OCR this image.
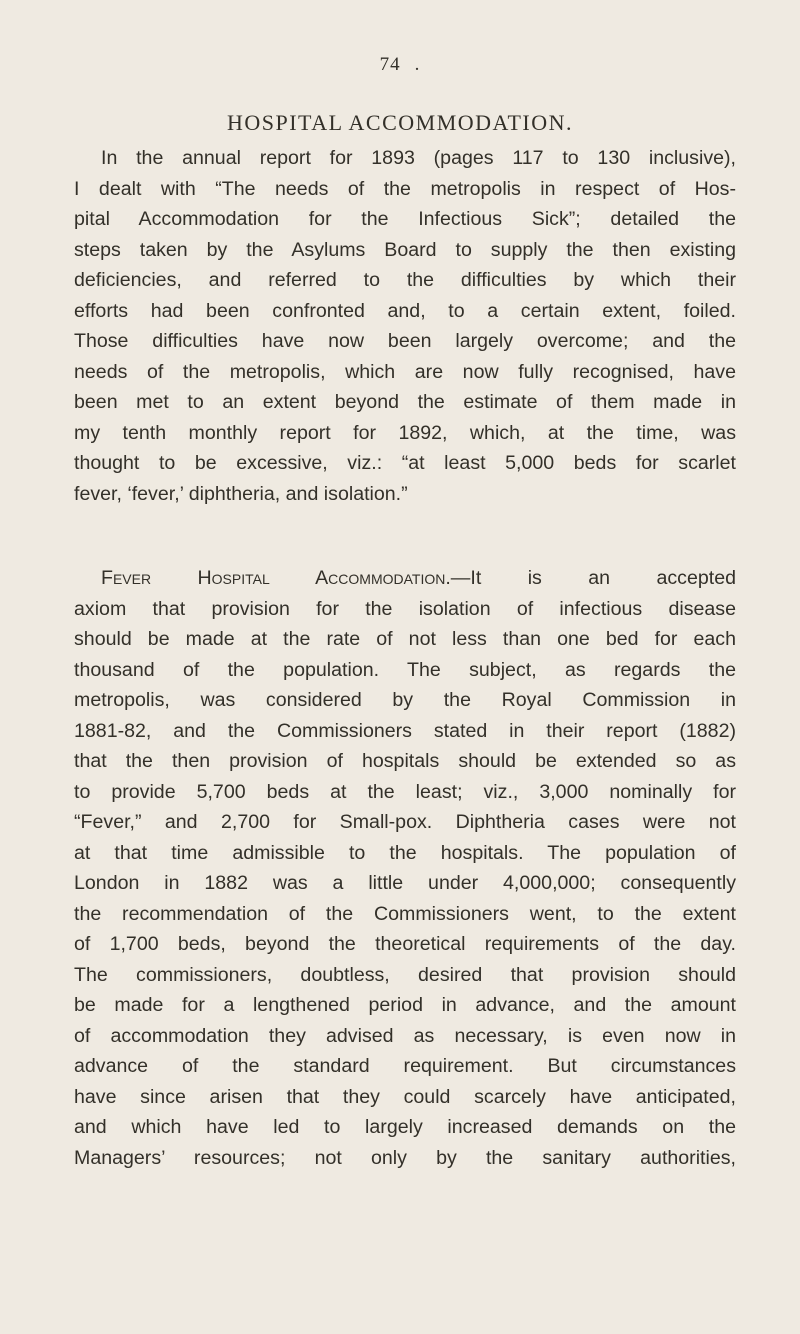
74 .
HOSPITAL ACCOMMODATION.

In the annual report for 1893 (pages 117 to 130 inclusive),
I dealt with “The needs of the metropolis in respect of Hos-
pital Accommodation for the Infectious Sick”; detailed the
steps taken by the Asylums Board to supply the then existing
deficiencies, and referred to the difficulties by which their
efforts had been confronted and, to a certain extent, foiled.
Those difficulties have now been largely overcome; and the
needs of the metropolis, which are now fully recognised, have
been met to an extent beyond the estimate of them made in
my tenth monthly report for 1892, which, at the time, was
thought to be excessive, viz.: “at least 5,000 beds for scarlet
fever, ‘fever,’ diphtheria, and isolation.”

Fever Hospital Accommodation.—It is an accepted
axiom that provision for the isolation of infectious disease
should be made at the rate of not less than one bed for each
thousand of the population. The subject, as regards the
metropolis, was considered by the Royal Commission in
1881-82, and the Commissioners stated in their report (1882)
that the then provision of hospitals should be extended so as
to provide 5,700 beds at the least; viz., 3,000 nominally for
“Fever,” and 2,700 for Small-pox. Diphtheria cases were not
at that time admissible to the hospitals. The population of
London in 1882 was a little under 4,000,000; consequently
the recommendation of the Commissioners went, to the extent
of 1,700 beds, beyond the theoretical requirements of the day.
The commissioners, doubtless, desired that provision should
be made for a lengthened period in advance, and the amount
of accommodation they advised as necessary, is even now in
advance of the standard requirement. But circumstances
have since arisen that they could scarcely have anticipated,
and which have led to largely increased demands on the
Managers’ resources; not only by the sanitary authorities,
